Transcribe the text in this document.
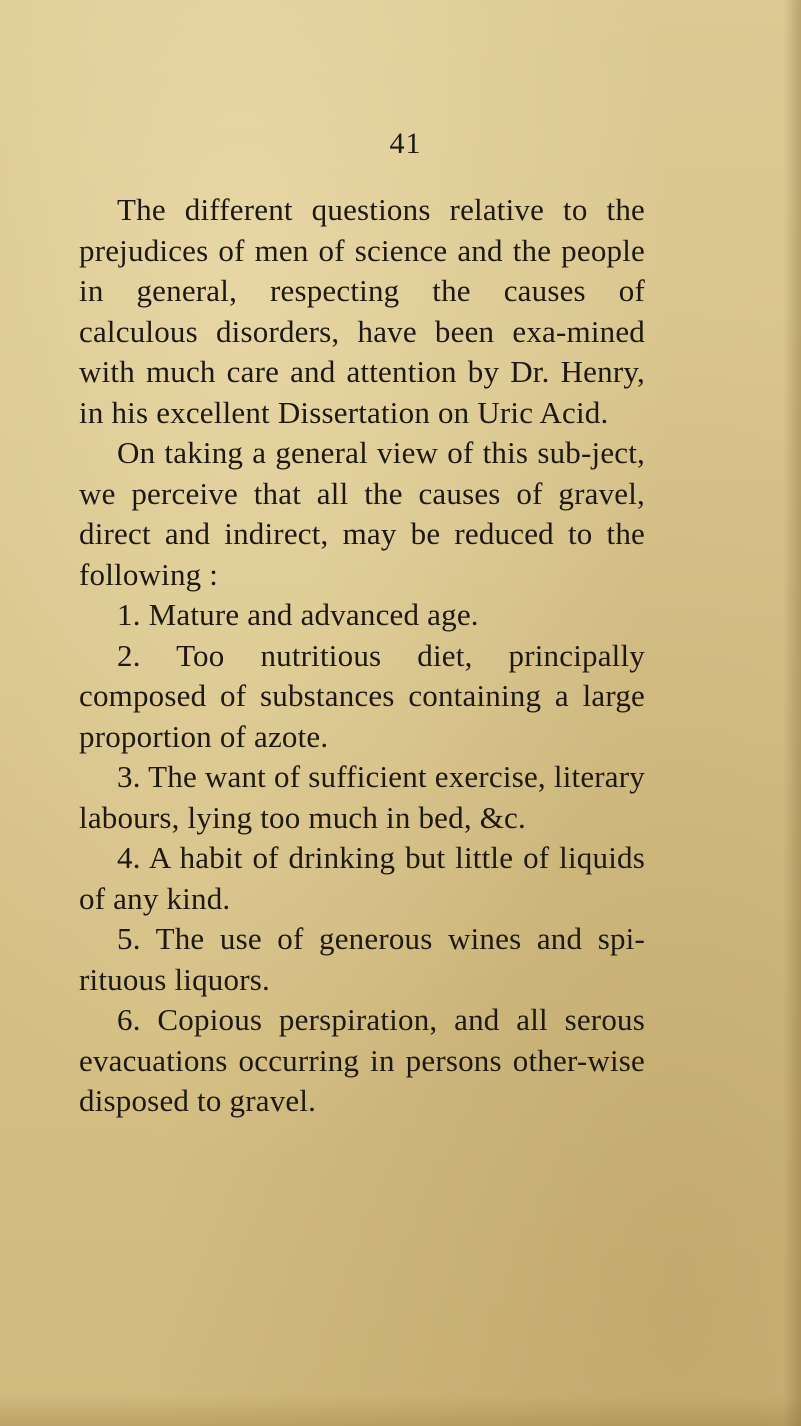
41

The different questions relative to the prejudices of men of science and the people in general, respecting the causes of calculous disorders, have been exa-mined with much care and attention by Dr. Henry, in his excellent Dissertation on Uric Acid.

On taking a general view of this sub-ject, we perceive that all the causes of gravel, direct and indirect, may be reduced to the following :

1. Mature and advanced age.

2. Too nutritious diet, principally composed of substances containing a large proportion of azote.

3. The want of sufficient exercise, literary labours, lying too much in bed, &c.

4. A habit of drinking but little of liquids of any kind.

5. The use of generous wines and spi-rituous liquors.

6. Copious perspiration, and all serous evacuations occurring in persons other-wise disposed to gravel.
